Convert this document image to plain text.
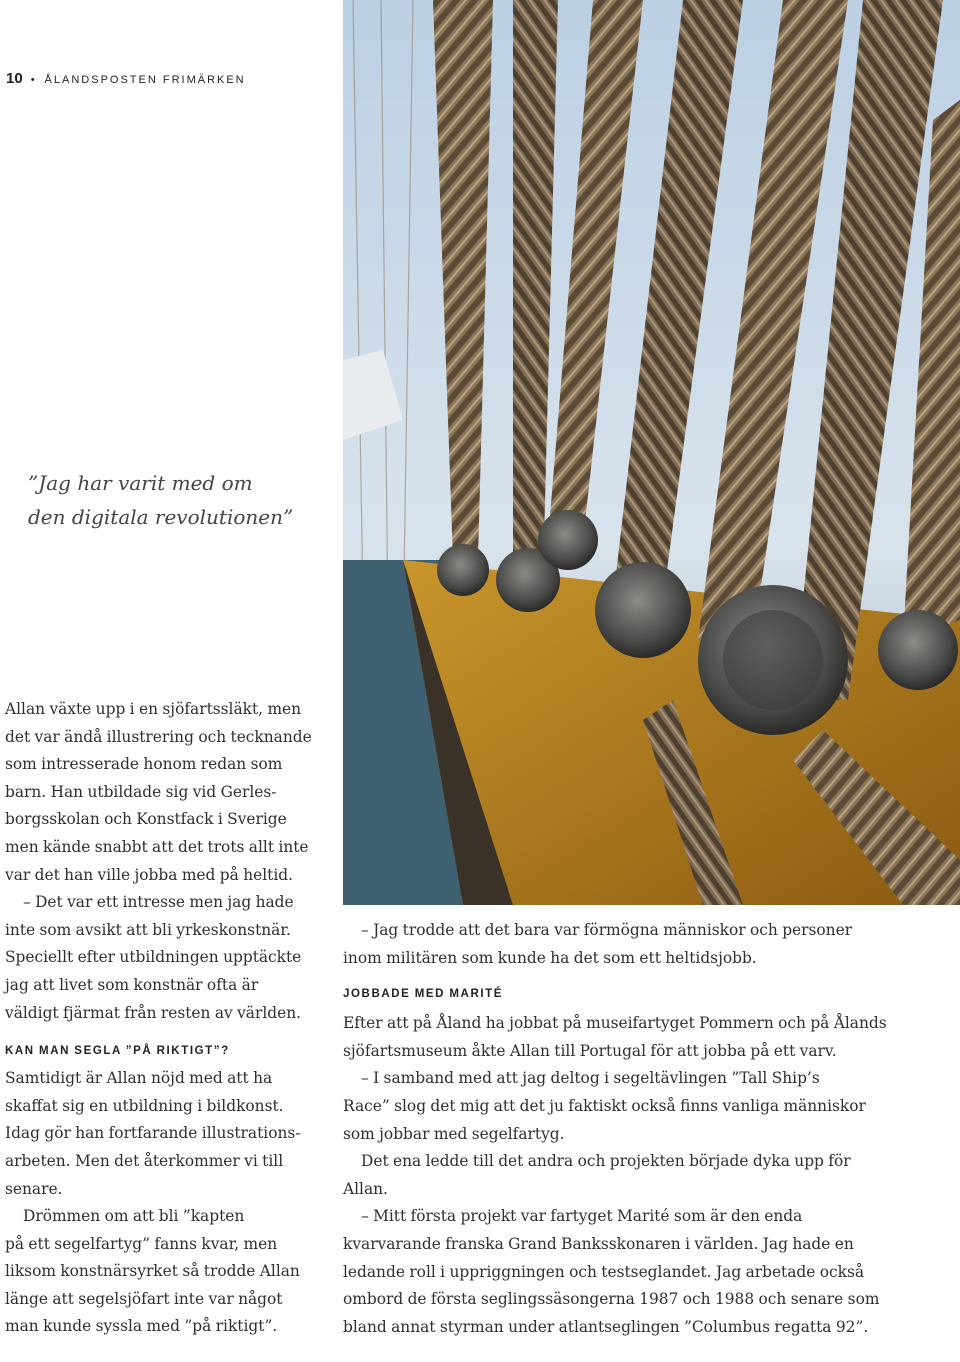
10 • ÅLANDSPOSTEN FRIMÄRKEN
”Jag har varit med om
den digitala revolutionen”

Allan växte upp i en sjöfartssläkt, men
det var ändå illustrering och tecknande
som intresserade honom redan som
barn. Han utbildade sig vid Gerles-
borgsskolan och Konstfack i Sverige
men kände snabbt att det trots allt inte
var det han ville jobba med på heltid.

– Det var ett intresse men jag hade
inte som avsikt att bli yrkeskonstnär.
Speciellt efter utbildningen upptäckte
jag att livet som konstnär ofta är
väldigt fjärmat från resten av världen.

KAN MAN SEGLA ”PÅ RIKTIGT”?

Samtidigt är Allan nöjd med att ha
skaffat sig en utbildning i bildkonst.
Idag gör han fortfarande illustrations-
arbeten. Men det återkommer vi till
senare.

Drömmen om att bli ”kapten
på ett segelfartyg” fanns kvar, men
liksom konstnärsyrket så trodde Allan
länge att segelsjöfart inte var något
man kunde syssla med ”på riktigt”.

– Jag trodde att det bara var förmögna människor och personer
inom militären som kunde ha det som ett heltidsjobb.

JOBBADE MED MARITÉ

Efter att på Åland ha jobbat på museifartyget Pommern och på Ålands
sjöfartsmuseum åkte Allan till Portugal för att jobba på ett varv.

– I samband med att jag deltog i segeltävlingen ”Tall Ship’s
Race” slog det mig att det ju faktiskt också finns vanliga människor
som jobbar med segelfartyg.

Det ena ledde till det andra och projekten började dyka upp för
Allan.

– Mitt första projekt var fartyget Marité som är den enda
kvarvarande franska Grand Banksskonaren i världen. Jag hade en
ledande roll i uppriggningen och testseglandet. Jag arbetade också
ombord de första seglingssäsongerna 1987 och 1988 och senare som
bland annat styrman under atlantseglingen ”Columbus regatta 92”.
